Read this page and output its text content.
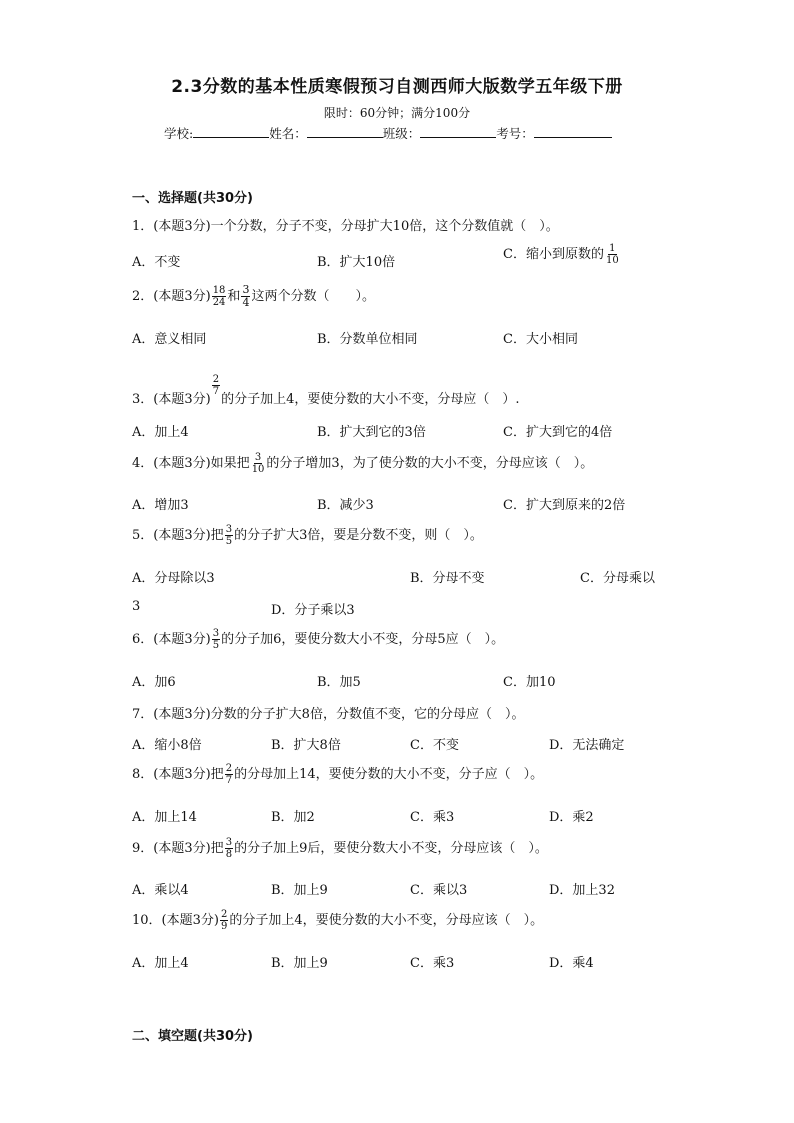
2.3分数的基本性质寒假预习自测西师大版数学五年级下册
限时：60分钟；满分100分
学校:	姓名：	班级：	考号：
一、选择题(共30分)
1．(本题3分)一个分数，分子不变，分母扩大10倍，这个分数值就（　）。
A．不变	B．扩大10倍
C．缩小到原数的 $\frac{1}{10}$
2．(本题3分) $\frac{18}{24}$ 和 $\frac{3}{4}$ 这两个分数（　　）。
A．意义相同	B．分数单位相同	C．大小相同
3．(本题3分)
$\frac{2}{7}$
的分子加上4，要使分数的大小不变，分母应（　）.
A．加上4	B．扩大到它的3倍	C．扩大到它的4倍
4．(本题3分)如果把 $\frac{3}{10}$ 的分子增加3，为了使分数的大小不变，分母应该（　）。
A．增加3	B．减少3	C．扩大到原来的2倍
5．(本题3分)把 $\frac{3}{5}$ 的分子扩大3倍，要是分数不变，则（　）。
A．分母除以3	B．分母不变	C．分母乘以
3	D．分子乘以3
6．(本题3分) $\frac{3}{5}$ 的分子加6，要使分数大小不变，分母5应（　）。
A．加6	B．加5	C．加10
7．(本题3分)分数的分子扩大8倍，分数值不变，它的分母应（　）。
A．缩小8倍	B．扩大8倍	C．不变	D．无法确定
8．(本题3分)把 $\frac{2}{7}$ 的分母加上14，要使分数的大小不变，分子应（　）。
A．加上14	B．加2	C．乘3	D．乘2
9．(本题3分)把 $\frac{3}{8}$ 的分子加上9后，要使分数大小不变，分母应该（　）。
A．乘以4	B．加上9	C．乘以3	D．加上32
10．(本题3分) $\frac{2}{9}$ 的分子加上4，要使分数的大小不变，分母应该（　）。
A．加上4	B．加上9	C．乘3	D．乘4
二、填空题(共30分)
